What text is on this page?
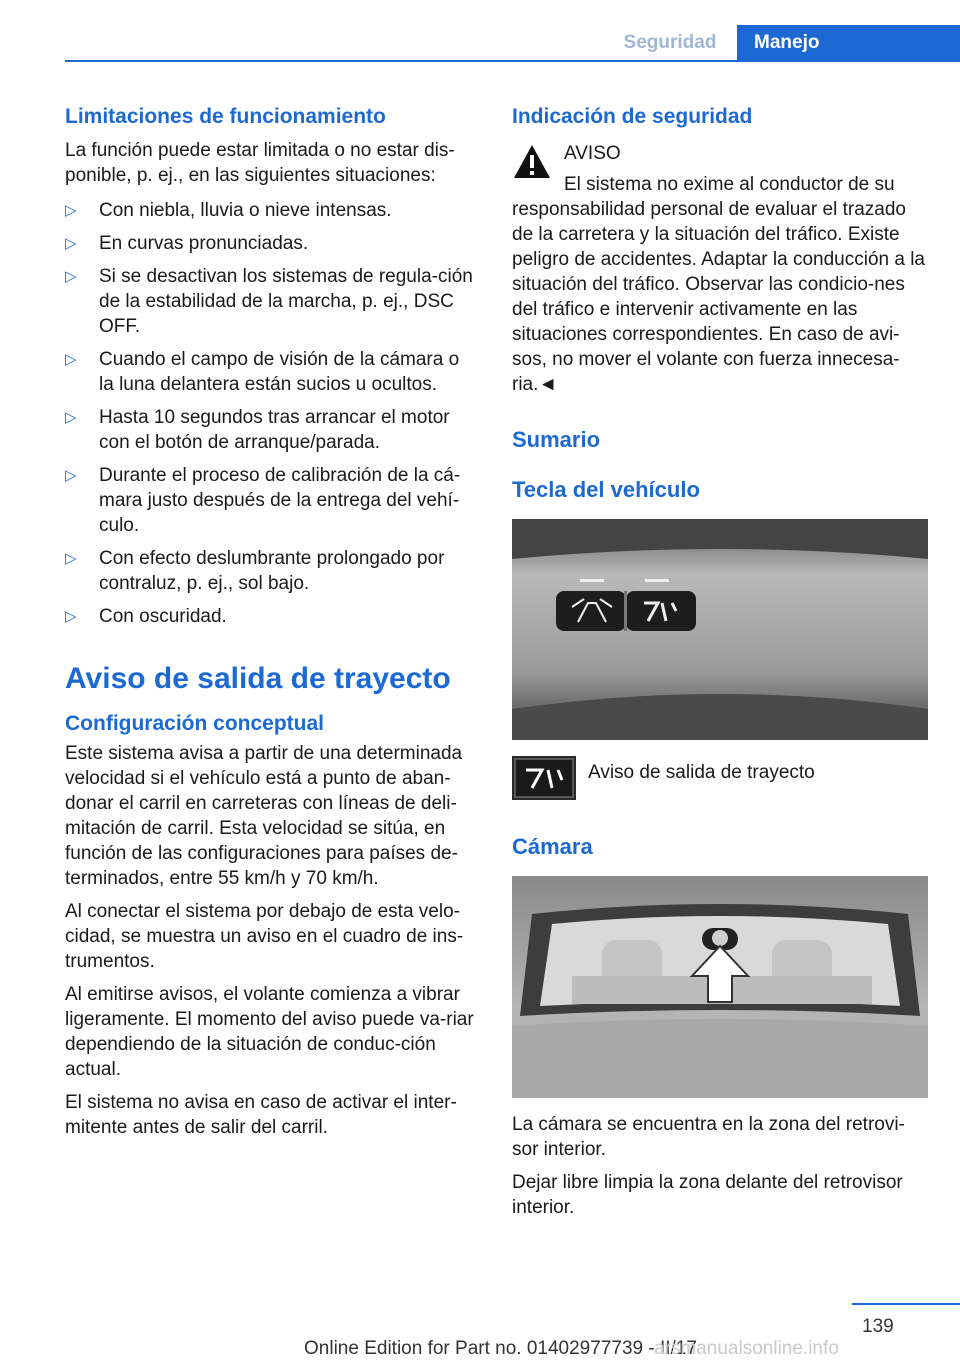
Seguridad	Manejo
Limitaciones de funcionamiento

La función puede estar limitada o no estar dis‐ponible, p. ej., en las siguientes situaciones:

▷ Con niebla, lluvia o nieve intensas.
▷ En curvas pronunciadas.
▷ Si se desactivan los sistemas de regula‐ción de la estabilidad de la marcha, p. ej., DSC OFF.
▷ Cuando el campo de visión de la cámara o la luna delantera están sucios u ocultos.
▷ Hasta 10 segundos tras arrancar el motor con el botón de arranque/parada.
▷ Durante el proceso de calibración de la cá‐mara justo después de la entrega del vehí‐culo.
▷ Con efecto deslumbrante prolongado por contraluz, p. ej., sol bajo.
▷ Con oscuridad.
Aviso de salida de trayecto
Configuración conceptual

Este sistema avisa a partir de una determinada velocidad si el vehículo está a punto de aban‐donar el carril en carreteras con líneas de deli‐mitación de carril. Esta velocidad se sitúa, en función de las configuraciones para países de‐terminados, entre 55 km/h y 70 km/h.

Al conectar el sistema por debajo de esta velo‐cidad, se muestra un aviso en el cuadro de ins‐trumentos.

Al emitirse avisos, el volante comienza a vibrar ligeramente. El momento del aviso puede va‐riar dependiendo de la situación de conduc‐ción actual.

El sistema no avisa en caso de activar el inter‐mitente antes de salir del carril.

Indicación de seguridad

AVISO

El sistema no exime al conductor de su responsabilidad personal de evaluar el trazado de la carretera y la situación del tráfico. Existe peligro de accidentes. Adaptar la conducción a la situación del tráfico. Observar las condicio‐nes del tráfico e intervenir activamente en las situaciones correspondientes. En caso de avi‐sos, no mover el volante con fuerza innecesa‐ria.◄

Sumario
Tecla del vehículo

Aviso de salida de trayecto

Cámara

La cámara se encuentra en la zona del retrovi‐sor interior.

Dejar libre limpia la zona delante del retrovisor interior.

139
Online Edition for Part no. 01402977739 - II/17
arsmanualsonline.info
